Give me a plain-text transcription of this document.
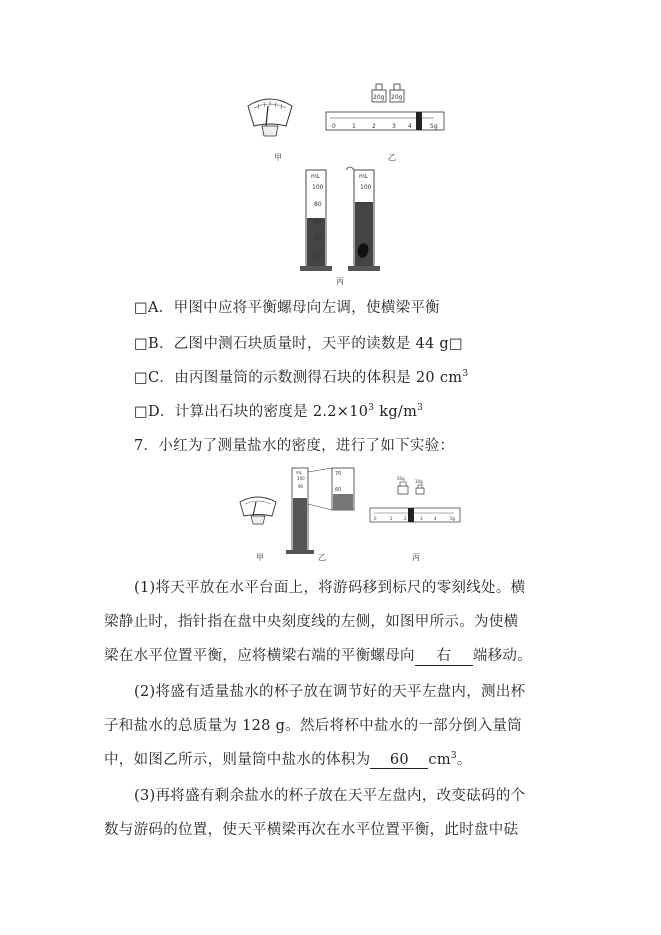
20g 20g
0	1	2	3 4	5g
甲	乙
mL
100
80
60
40
20
mL
100
丙
□A．甲图中应将平衡螺母向左调，使横梁平衡
□B．乙图中测石块质量时，天平的读数是 44 g□
□C．由丙图量筒的示数测得石块的体积是 20 $cm^3$
□D．计算出石块的密度是 $2.2\times 10^3$ $kg/m^3$
7．小红为了测量盐水的密度，进行了如下实验：
mL
100
90
70
60
50g
10g
0	1	2	3	4	5g
甲	乙	丙
(1)将天平放在水平台面上，将游码移到标尺的零刻线处。横
梁静止时，指针指在盘中央刻度线的左侧，如图甲所示。为使横
梁在水平位置平衡，应将横梁右端的平衡螺母向 右 端移动。
(2)将盛有适量盐水的杯子放在调节好的天平左盘内，测出杯
子和盐水的总质量为 128 g。然后将杯中盐水的一部分倒入量筒
中，如图乙所示，则量筒中盐水的体积为 60 $cm^3$。
(3)再将盛有剩余盐水的杯子放在天平左盘内，改变砝码的个
数与游码的位置，使天平横梁再次在水平位置平衡，此时盘中砝
